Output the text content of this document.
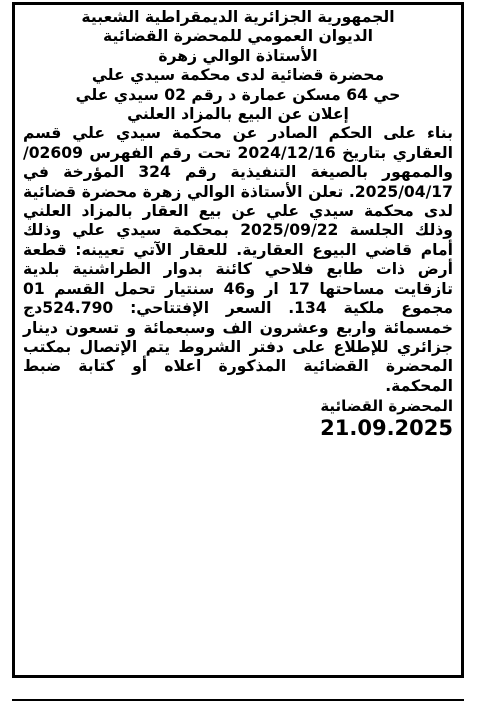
الجمهورية الجزائرية الديمقراطية الشعبية
الديوان العمومي للمحضرة القضائية
الأستاذة الوالي زهرة
محضرة قضائية لدى محكمة سيدي علي
حي 64 مسكن عمارة د رقم 02 سيدي علي
إعلان عن البيع بالمزاد العلني

بناء على الحكم الصادر عن محكمة سيدي علي قسم العقاري بتاريخ 2024/12/16 تحت رقم الفهرس 02609/ والممهور بالصيغة التنفيذية رقم 324 المؤرخة في 2025/04/17. تعلن الأستاذة الوالي زهرة محضرة قضائية لدى محكمة سيدي علي عن بيع العقار بالمزاد العلني وذلك الجلسة 2025/09/22 بمحكمة سيدي علي وذلك أمام قاضي البيوع العقارية. للعقار الآتي تعيينه: قطعة أرض ذات طابع فلاحي كائنة بدوار الطراشنية بلدية تازقايت مساحتها 17 ار و46 سنتيار تحمل القسم 01 مجموع ملكية 134. السعر الإفتتاحي: 524.790دج خمسمائة واربع وعشرون الف وسبعمائة و تسعون دينار جزائري للإطلاع على دفتر الشروط يتم الإتصال بمكتب المحضرة القضائية المذكورة اعلاه أو كتابة ضبط المحكمة.

المحضرة القضائية
21.09.2025
